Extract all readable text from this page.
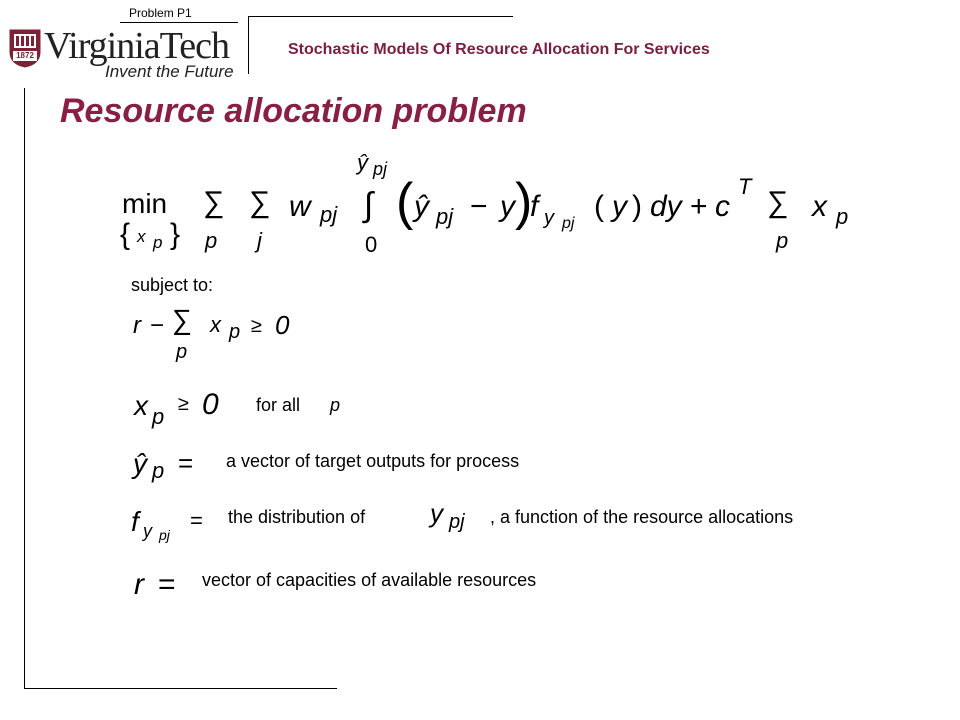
Problem P1
1872 VirginiaTech
Invent the Future
Stochastic Models Of Resource Allocation For Services
Resource allocation problem
min
{ x p }
∑
p
∑
j
w pj
ŷ pj
∫
0
( ŷ pj − y )
f y pj
( y ) dy + c
T ∑
p
x p
subject to:
r − ∑
p
x p ≥ 0
x p ≥ 0 for all p
ŷ p = a vector of target outputs for process
f y pj
= the distribution of y pj , a function of the resource allocations
r = vector of capacities of available resources
